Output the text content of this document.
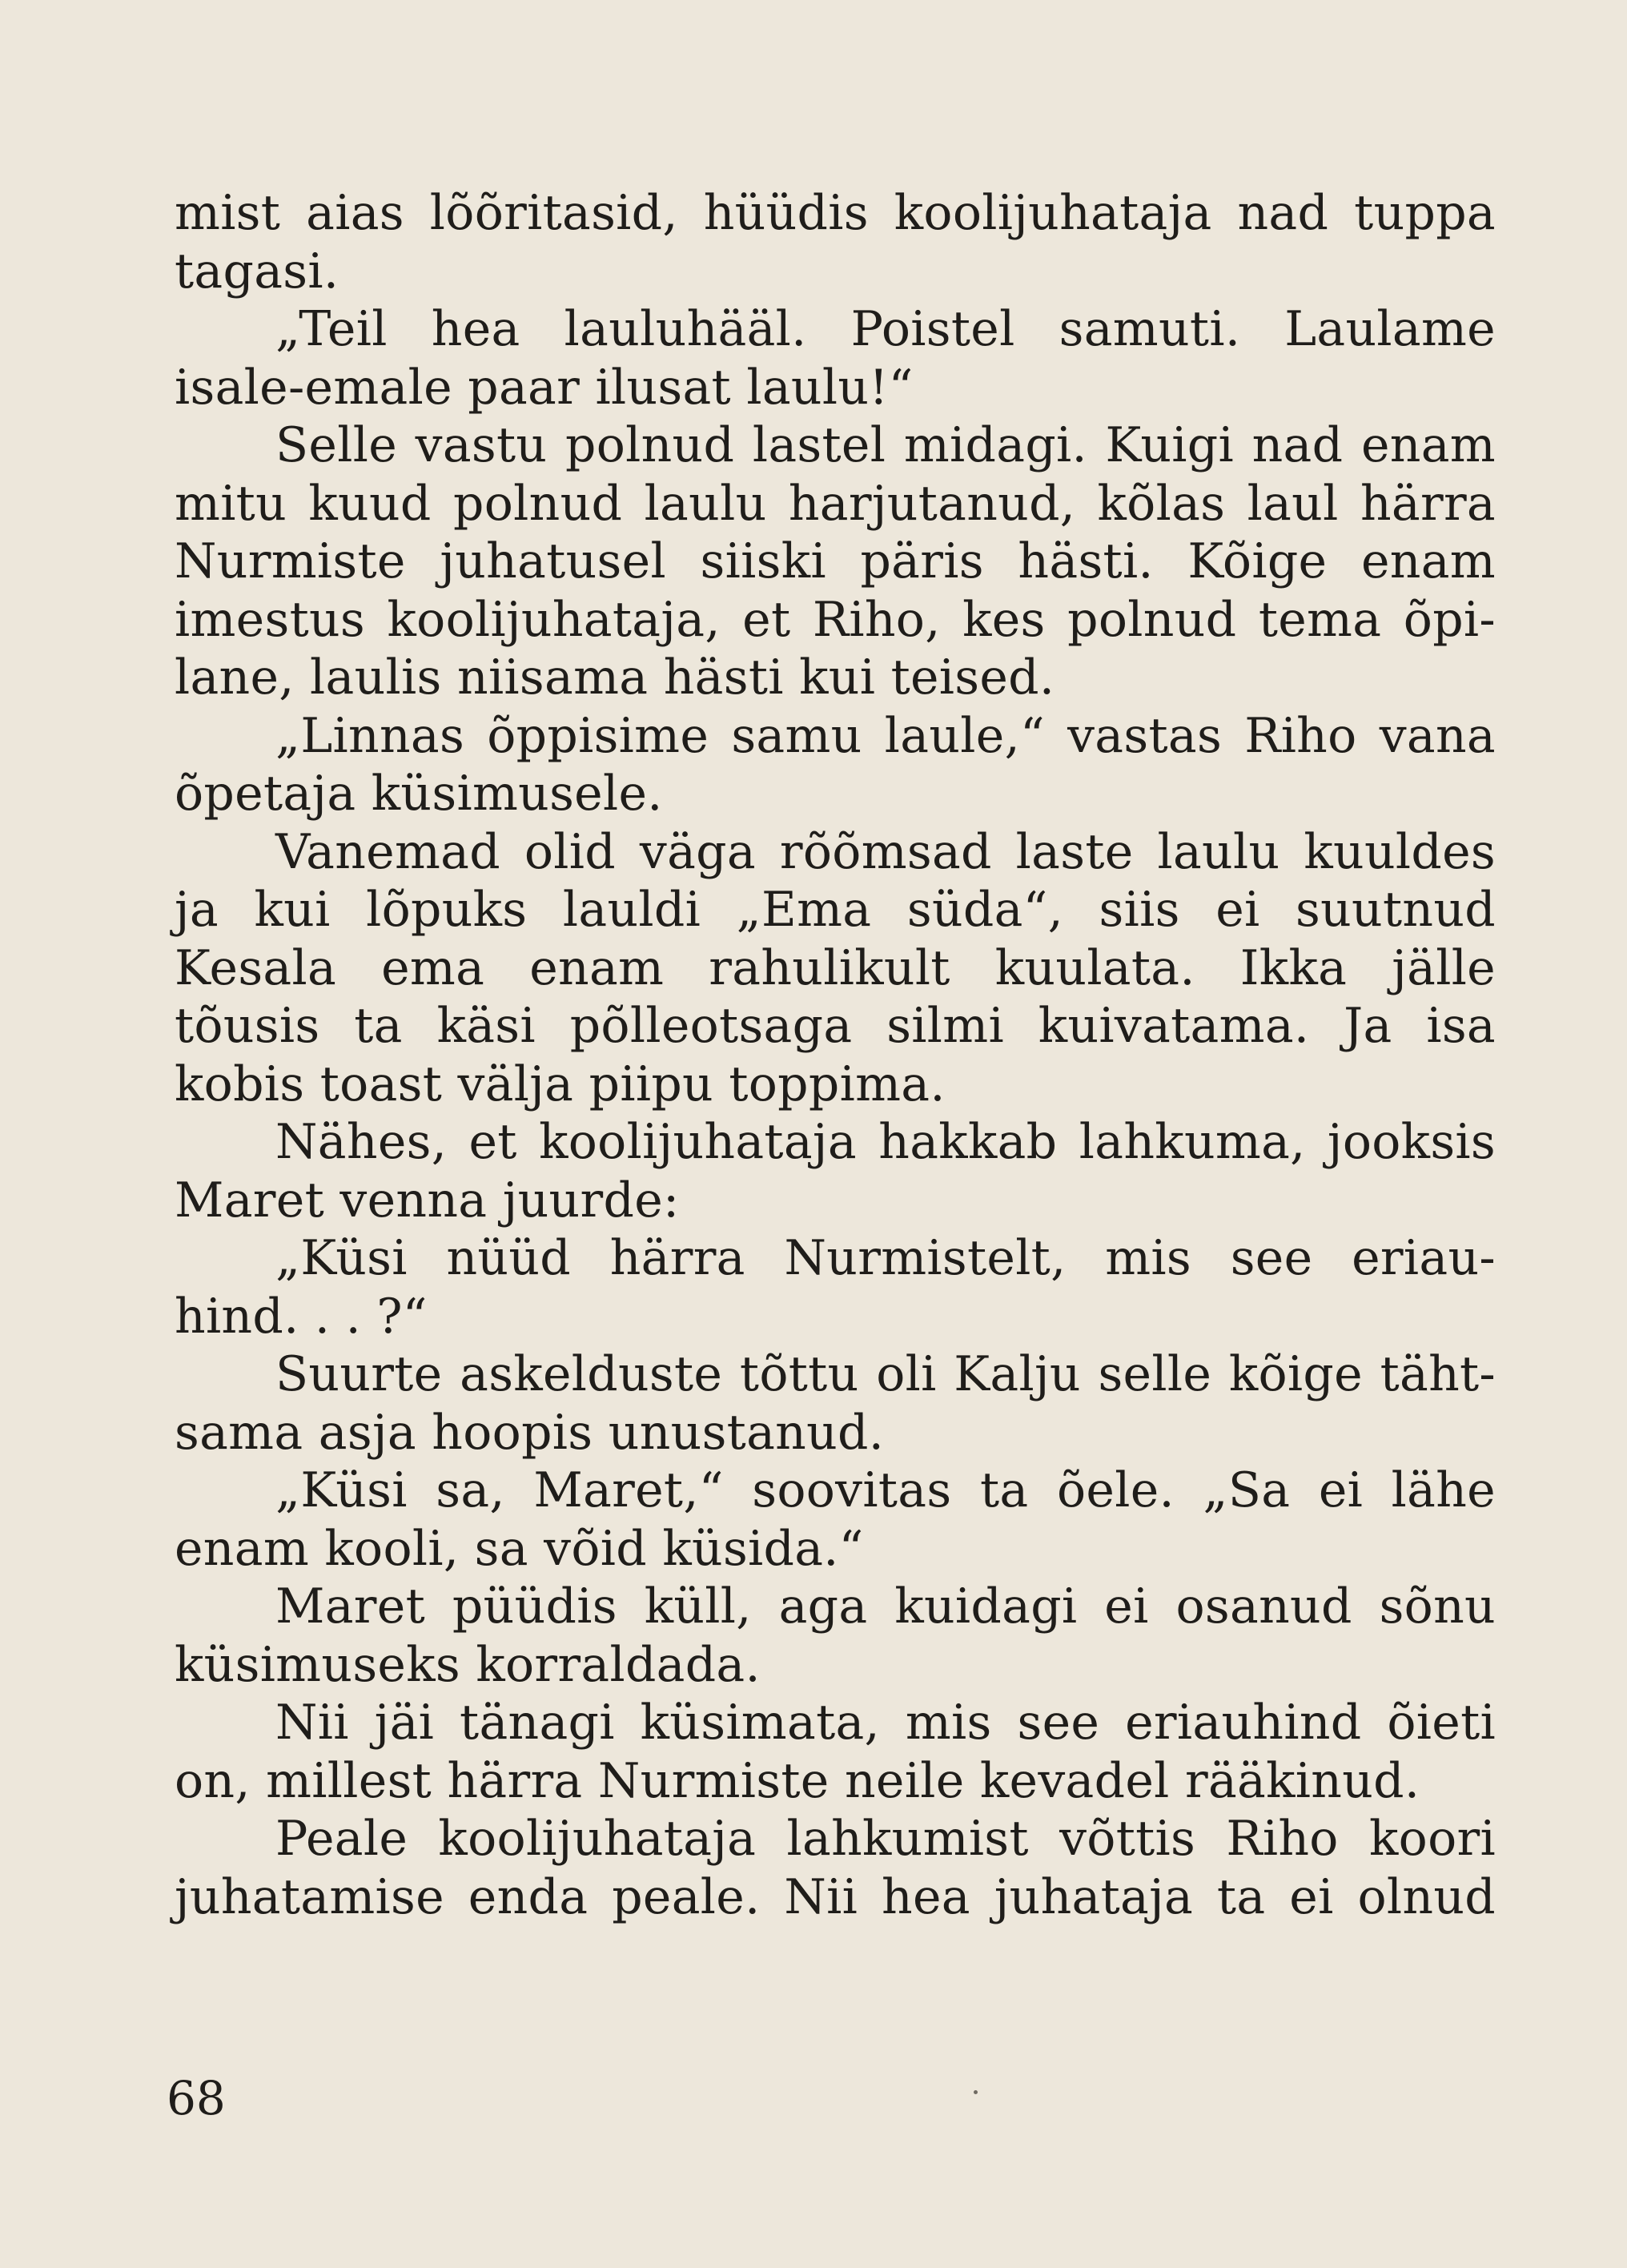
mist aias lõõritasid, hüüdis koolijuhataja nad tuppa
tagasi.
„Teil hea lauluhääl. Poistel samuti. Laulame
isale-emale paar ilusat laulu!“
Selle vastu polnud lastel midagi. Kuigi nad enam
mitu kuud polnud laulu harjutanud, kõlas laul härra
Nurmiste juhatusel siiski päris hästi. Kõige enam
imestus koolijuhataja, et Riho, kes polnud tema õpi-
lane, laulis niisama hästi kui teised.
„Linnas õppisime samu laule,“ vastas Riho vana
õpetaja küsimusele.
Vanemad olid väga rõõmsad laste laulu kuuldes
ja kui lõpuks lauldi „Ema süda“, siis ei suutnud
Kesala ema enam rahulikult kuulata. Ikka jälle
tõusis ta käsi põlleotsaga silmi kuivatama. Ja isa
kobis toast välja piipu toppima.
Nähes, et koolijuhataja hakkab lahkuma, jooksis
Maret venna juurde:
„Küsi nüüd härra Nurmistelt, mis see eriau-
hind. . . ?“
Suurte askelduste tõttu oli Kalju selle kõige täht-
sama asja hoopis unustanud.
„Küsi sa, Maret,“ soovitas ta õele. „Sa ei lähe
enam kooli, sa võid küsida.“
Maret püüdis küll, aga kuidagi ei osanud sõnu
küsimuseks korraldada.
Nii jäi tänagi küsimata, mis see eriauhind õieti
on, millest härra Nurmiste neile kevadel rääkinud.
Peale koolijuhataja lahkumist võttis Riho koori
juhatamise enda peale. Nii hea juhataja ta ei olnud
68
